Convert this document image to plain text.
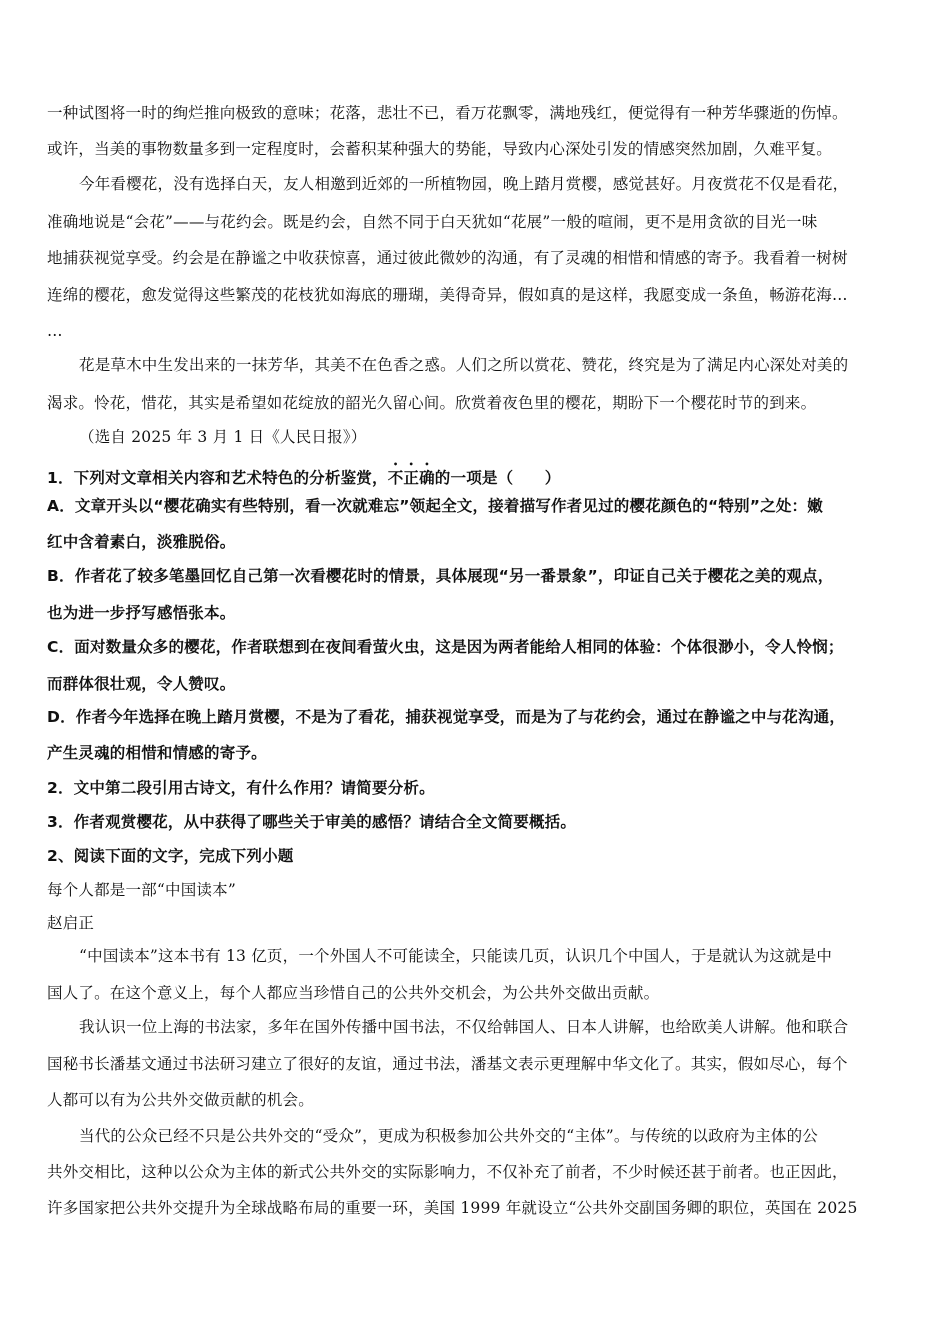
一种试图将一时的绚烂推向极致的意味；花落，悲壮不已，看万花飘零，满地残红，便觉得有一种芳华骤逝的伤悼。
或许，当美的事物数量多到一定程度时，会蓄积某种强大的势能，导致内心深处引发的情感突然加剧，久难平复。
今年看樱花，没有选择白天，友人相邀到近郊的一所植物园，晚上踏月赏樱，感觉甚好。月夜赏花不仅是看花，
准确地说是“会花”——与花约会。既是约会，自然不同于白天犹如“花展”一般的喧闹，更不是用贪欲的目光一味
地捕获视觉享受。约会是在静谧之中收获惊喜，通过彼此微妙的沟通，有了灵魂的相惜和情感的寄予。我看着一树树
连绵的樱花，愈发觉得这些繁茂的花枝犹如海底的珊瑚，美得奇异，假如真的是这样，我愿变成一条鱼，畅游花海…
…
花是草木中生发出来的一抹芳华，其美不在色香之惑。人们之所以赏花、赞花，终究是为了满足内心深处对美的
渴求。怜花，惜花，其实是希望如花绽放的韶光久留心间。欣赏着夜色里的樱花，期盼下一个樱花时节的到来。
（选自 2025 年 3 月 1 日《人民日报》）
1．下列对文章相关内容和艺术特色的分析鉴赏，不正确的一项是（　　）
A．文章开头以“樱花确实有些特别，看一次就难忘”领起全文，接着描写作者见过的樱花颜色的“特别”之处：嫩
红中含着素白，淡雅脱俗。
B．作者花了较多笔墨回忆自己第一次看樱花时的情景，具体展现“另一番景象”，印证自己关于樱花之美的观点，
也为进一步抒写感悟张本。
C．面对数量众多的樱花，作者联想到在夜间看萤火虫，这是因为两者能给人相同的体验：个体很渺小，令人怜悯；
而群体很壮观，令人赞叹。
D．作者今年选择在晚上踏月赏樱，不是为了看花，捕获视觉享受，而是为了与花约会，通过在静谧之中与花沟通，
产生灵魂的相惜和情感的寄予。
2．文中第二段引用古诗文，有什么作用？请简要分析。
3．作者观赏樱花，从中获得了哪些关于审美的感悟？请结合全文简要概括。
2、阅读下面的文字，完成下列小题
每个人都是一部“中国读本”
赵启正
“中国读本”这本书有 13 亿页，一个外国人不可能读全，只能读几页，认识几个中国人，于是就认为这就是中
国人了。在这个意义上，每个人都应当珍惜自己的公共外交机会，为公共外交做出贡献。
我认识一位上海的书法家，多年在国外传播中国书法，不仅给韩国人、日本人讲解，也给欧美人讲解。他和联合
国秘书长潘基文通过书法研习建立了很好的友谊，通过书法，潘基文表示更理解中华文化了。其实，假如尽心，每个
人都可以有为公共外交做贡献的机会。
当代的公众已经不只是公共外交的“受众”，更成为积极参加公共外交的“主体”。与传统的以政府为主体的公
共外交相比，这种以公众为主体的新式公共外交的实际影响力，不仅补充了前者，不少时候还甚于前者。也正因此，
许多国家把公共外交提升为全球战略布局的重要一环，美国 1999 年就设立“公共外交副国务卿的职位，英国在 2025
